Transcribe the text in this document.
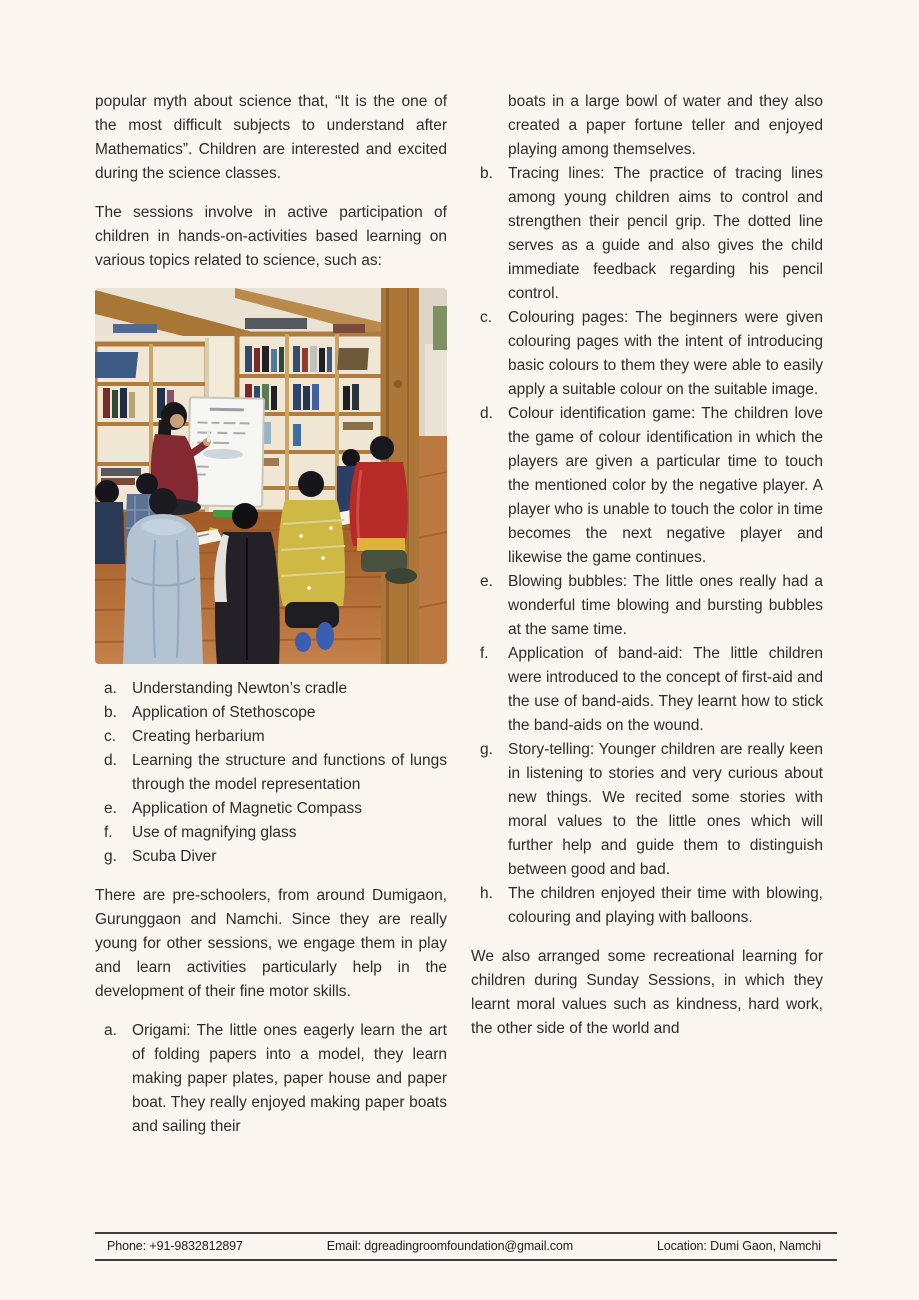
popular myth about science that, “It is the one of the most difficult subjects to understand after Mathematics”. Children are interested and excited during the science classes.

The sessions involve in active participation of children in hands-on-activities based learning on various topics related to science, such as:

a. Understanding Newton’s cradle
b. Application of Stethoscope
c.	Creating herbarium
d. Learning the structure and functions of lungs through the model representation
e. Application of Magnetic Compass
f.	Use of magnifying glass
g. Scuba Diver

There are pre-schoolers, from around Dumigaon, Gurunggaon and Namchi. Since they are really young for other sessions, we engage them in play and learn activities particularly help in the development of their fine motor skills.

a. Origami: The little ones eagerly learn the art of folding papers into a model, they learn making paper plates, paper house and paper boat. They really enjoyed making paper boats and sailing their
boats in a large bowl of water and they also created a paper fortune teller and enjoyed playing among themselves.
b. Tracing lines: The practice of tracing lines among young children aims to control and strengthen their pencil grip. The dotted line serves as a guide and also gives the child immediate feedback regarding his pencil control.
c.	Colouring pages: The beginners were given colouring pages with the intent of introducing basic colours to them they were able to easily apply a suitable colour on the suitable image.
d. Colour identification game: The children love the game of colour identification in which the players are given a particular time to touch the mentioned color by the negative player. A player who is unable to touch the color in time becomes the next negative player and likewise the game continues.
e. Blowing bubbles: The little ones really had a wonderful time blowing and bursting bubbles at the same time.
f.	Application of band-aid: The little children were introduced to the concept of first-aid and the use of band-aids. They learnt how to stick the band-aids on the wound.
g. Story-telling: Younger children are really keen in listening to stories and very curious about new things. We recited some stories with moral values to the little ones which will further help and guide them to distinguish between good and bad.
h. The children enjoyed their time with blowing, colouring and playing with balloons.

We also arranged some recreational learning for children during Sunday Sessions, in which they learnt moral values such as kindness, hard work, the other side of the world and

Phone: +91-9832812897	Email: dgreadingroomfoundation@gmail.com	Location: Dumi Gaon, Namchi
